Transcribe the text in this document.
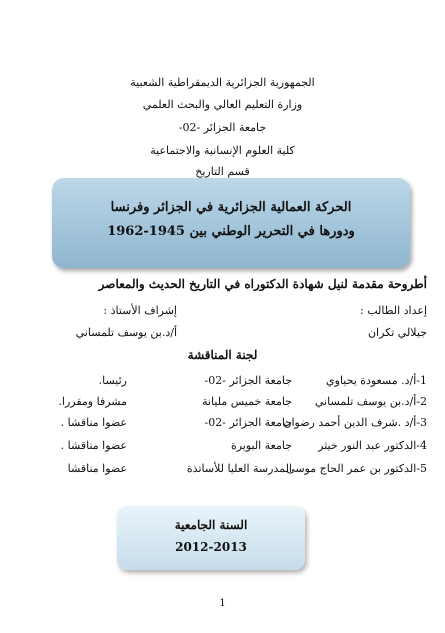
الجمهورية الجزائرية الديمقراطية الشعبية
وزارة التعليم العالي والبحث العلمي
جامعة الجزائر -02-
كلية العلوم الإنسانية والاجتماعية
قسم التاريخ
الحركة العمالية الجزائرية في الجزائر وفرنسا
ودورها في التحرير الوطني بين 1945-1962
أطروحة مقدمة لنيل شهادة الدكتوراه في التاريخ الحديث والمعاصر
إعداد الطالب :
إشراف الأستاذ :
جيلالي تكران
أ/د.بن يوسف تلمساني
لجنة المناقشة
1-أ/د. مسعودة يحياوي
جامعة الجزائر -02-
رئيسا.
2-أ/د.بن يوسف تلمساني
جامعة خميس مليانة
مشرفا ومقررا.
3-أ/د .شرف الدين أحمد رضوان
جامعة الجزائر -02-
عضوا مناقشا .
4-الدكتور عبد النور خيثر
جامعة البويرة
عضوا مناقشا .
5-الدكتور بن عمر الحاج موسى
المدرسة العليا للأساتذة
عضوا مناقشا
السنة الجامعية
2012-2013
1
